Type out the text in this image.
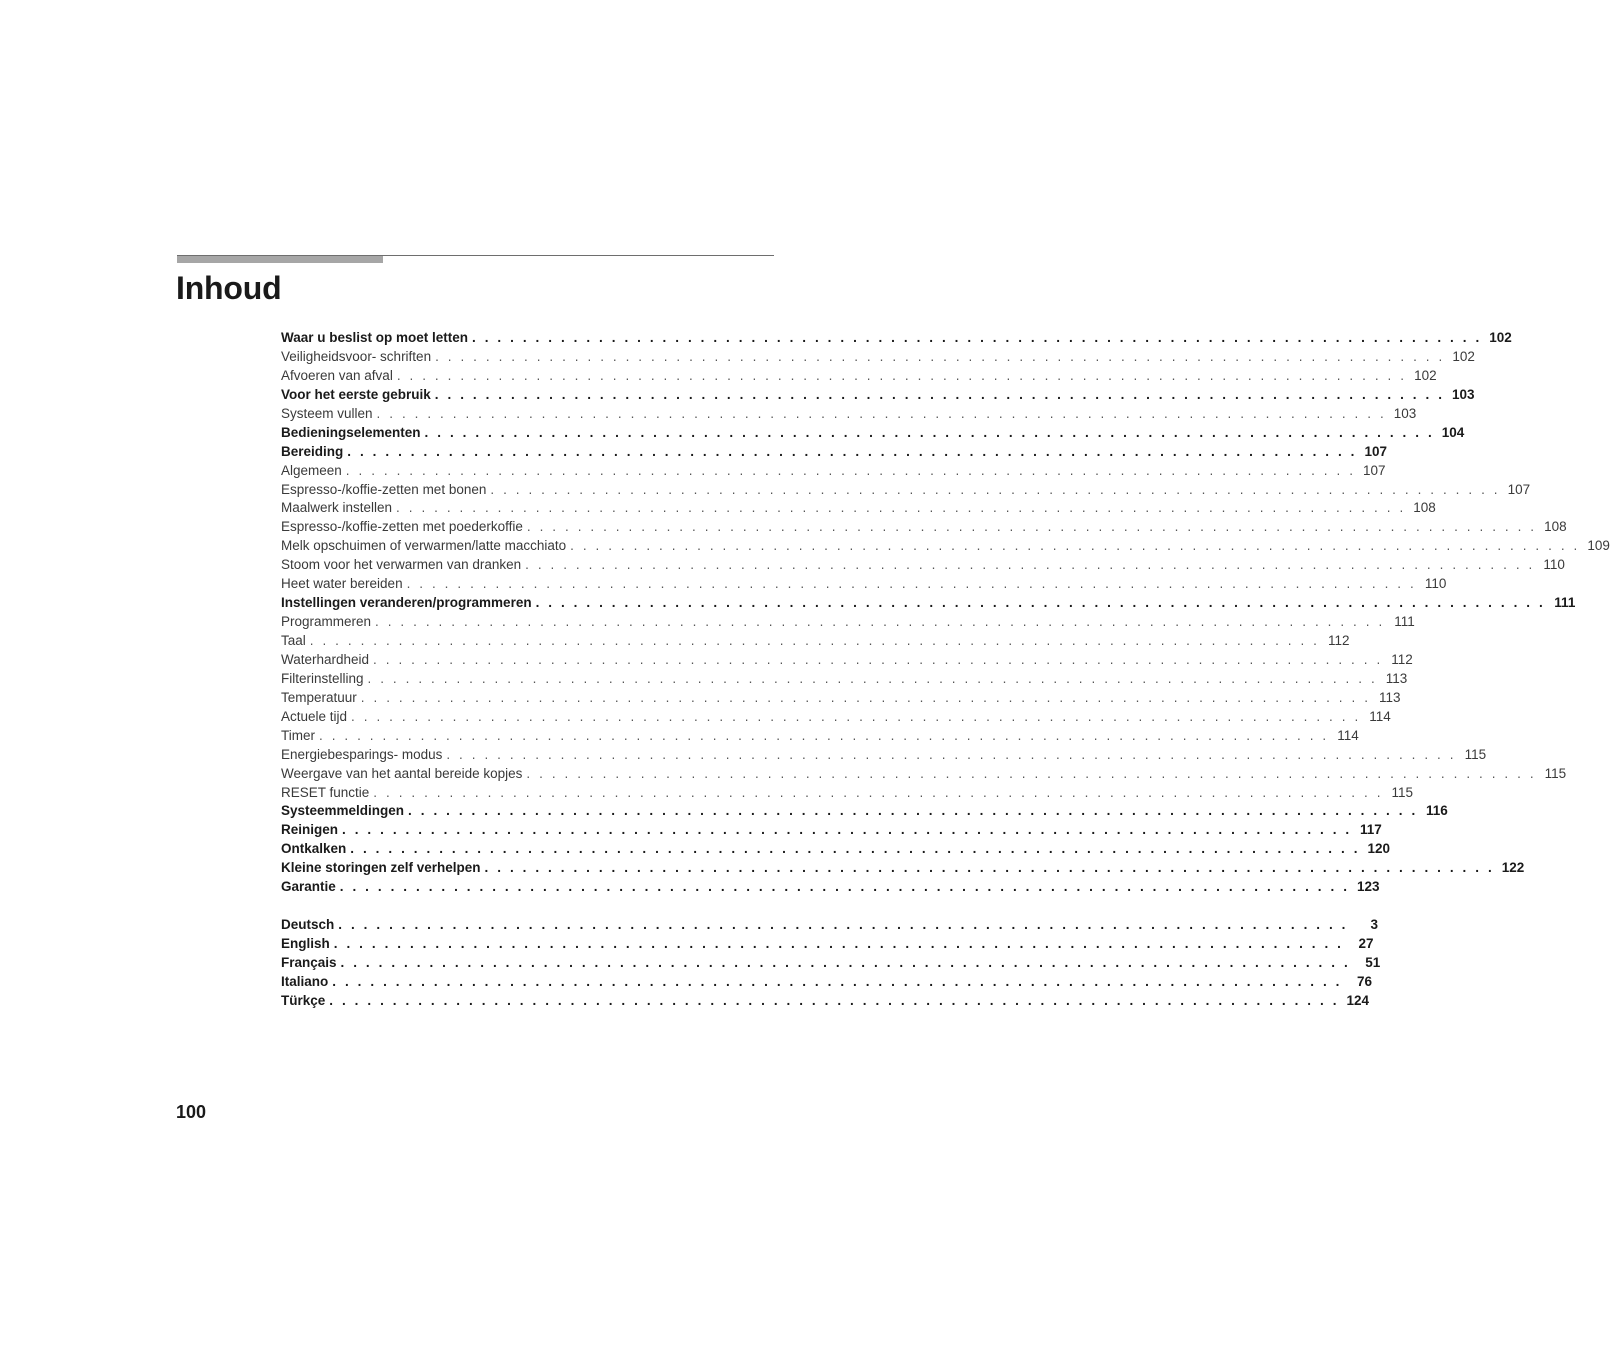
Inhoud
Waar u beslist op moet letten . . . . . . . . . . . . . . . . . . . . . . . . . . . . . . . . . . . . . . . . . . . . . . . . . . . . . . . . . . . . . . . . . . . . . . . . . . . . . . . . 102
Veiligheidsvoor- schriften . . . . . . . . . . . . . . . . . . . . . . . . . . . . . . . . . . . . . . . . . . . . . . . . . . . . . . . . . . . . . . . . . . . . . . . . . . . . . . . . 102
Afvoeren van afval . . . . . . . . . . . . . . . . . . . . . . . . . . . . . . . . . . . . . . . . . . . . . . . . . . . . . . . . . . . . . . . . . . . . . . . . . . . . . . . . 102
Voor het eerste gebruik . . . . . . . . . . . . . . . . . . . . . . . . . . . . . . . . . . . . . . . . . . . . . . . . . . . . . . . . . . . . . . . . . . . . . . . . . . . . . . . . 103
Systeem vullen . . . . . . . . . . . . . . . . . . . . . . . . . . . . . . . . . . . . . . . . . . . . . . . . . . . . . . . . . . . . . . . . . . . . . . . . . . . . . . . . 103
Bedieningselementen . . . . . . . . . . . . . . . . . . . . . . . . . . . . . . . . . . . . . . . . . . . . . . . . . . . . . . . . . . . . . . . . . . . . . . . . . . . . . . . . 104
Bereiding . . . . . . . . . . . . . . . . . . . . . . . . . . . . . . . . . . . . . . . . . . . . . . . . . . . . . . . . . . . . . . . . . . . . . . . . . . . . . . . . 107
Algemeen . . . . . . . . . . . . . . . . . . . . . . . . . . . . . . . . . . . . . . . . . . . . . . . . . . . . . . . . . . . . . . . . . . . . . . . . . . . . . . . . 107
Espresso-/koffie-zetten met bonen . . . . . . . . . . . . . . . . . . . . . . . . . . . . . . . . . . . . . . . . . . . . . . . . . . . . . . . . . . . . . . . . . . . . . . . . . . . . . . . . 107
Maalwerk instellen . . . . . . . . . . . . . . . . . . . . . . . . . . . . . . . . . . . . . . . . . . . . . . . . . . . . . . . . . . . . . . . . . . . . . . . . . . . . . . . . 108
Espresso-/koffie-zetten met poederkoffie . . . . . . . . . . . . . . . . . . . . . . . . . . . . . . . . . . . . . . . . . . . . . . . . . . . . . . . . . . . . . . . . . . . . . . . . . . . . . . . . 108
Melk opschuimen of verwarmen/latte macchiato . . . . . . . . . . . . . . . . . . . . . . . . . . . . . . . . . . . . . . . . . . . . . . . . . . . . . . . . . . . . . . . . . . . . . . . . . . . . . . . . 109
Stoom voor het verwarmen van dranken . . . . . . . . . . . . . . . . . . . . . . . . . . . . . . . . . . . . . . . . . . . . . . . . . . . . . . . . . . . . . . . . . . . . . . . . . . . . . . . . 110
Heet water bereiden . . . . . . . . . . . . . . . . . . . . . . . . . . . . . . . . . . . . . . . . . . . . . . . . . . . . . . . . . . . . . . . . . . . . . . . . . . . . . . . . 110
Instellingen veranderen/programmeren . . . . . . . . . . . . . . . . . . . . . . . . . . . . . . . . . . . . . . . . . . . . . . . . . . . . . . . . . . . . . . . . . . . . . . . . . . . . . . . . 111
Programmeren . . . . . . . . . . . . . . . . . . . . . . . . . . . . . . . . . . . . . . . . . . . . . . . . . . . . . . . . . . . . . . . . . . . . . . . . . . . . . . . . 111
Taal . . . . . . . . . . . . . . . . . . . . . . . . . . . . . . . . . . . . . . . . . . . . . . . . . . . . . . . . . . . . . . . . . . . . . . . . . . . . . . . . 112
Waterhardheid . . . . . . . . . . . . . . . . . . . . . . . . . . . . . . . . . . . . . . . . . . . . . . . . . . . . . . . . . . . . . . . . . . . . . . . . . . . . . . . . 112
Filterinstelling . . . . . . . . . . . . . . . . . . . . . . . . . . . . . . . . . . . . . . . . . . . . . . . . . . . . . . . . . . . . . . . . . . . . . . . . . . . . . . . . 113
Temperatuur . . . . . . . . . . . . . . . . . . . . . . . . . . . . . . . . . . . . . . . . . . . . . . . . . . . . . . . . . . . . . . . . . . . . . . . . . . . . . . . . 113
Actuele tijd . . . . . . . . . . . . . . . . . . . . . . . . . . . . . . . . . . . . . . . . . . . . . . . . . . . . . . . . . . . . . . . . . . . . . . . . . . . . . . . . 114
Timer . . . . . . . . . . . . . . . . . . . . . . . . . . . . . . . . . . . . . . . . . . . . . . . . . . . . . . . . . . . . . . . . . . . . . . . . . . . . . . . . 114
Energiebesparings- modus . . . . . . . . . . . . . . . . . . . . . . . . . . . . . . . . . . . . . . . . . . . . . . . . . . . . . . . . . . . . . . . . . . . . . . . . . . . . . . . . 115
Weergave van het aantal bereide kopjes . . . . . . . . . . . . . . . . . . . . . . . . . . . . . . . . . . . . . . . . . . . . . . . . . . . . . . . . . . . . . . . . . . . . . . . . . . . . . . . . 115
RESET functie . . . . . . . . . . . . . . . . . . . . . . . . . . . . . . . . . . . . . . . . . . . . . . . . . . . . . . . . . . . . . . . . . . . . . . . . . . . . . . . . 115
Systeemmeldingen . . . . . . . . . . . . . . . . . . . . . . . . . . . . . . . . . . . . . . . . . . . . . . . . . . . . . . . . . . . . . . . . . . . . . . . . . . . . . . . . 116
Reinigen . . . . . . . . . . . . . . . . . . . . . . . . . . . . . . . . . . . . . . . . . . . . . . . . . . . . . . . . . . . . . . . . . . . . . . . . . . . . . . . . 117
Ontkalken . . . . . . . . . . . . . . . . . . . . . . . . . . . . . . . . . . . . . . . . . . . . . . . . . . . . . . . . . . . . . . . . . . . . . . . . . . . . . . . . 120
Kleine storingen zelf verhelpen . . . . . . . . . . . . . . . . . . . . . . . . . . . . . . . . . . . . . . . . . . . . . . . . . . . . . . . . . . . . . . . . . . . . . . . . . . . . . . . . 122
Garantie . . . . . . . . . . . . . . . . . . . . . . . . . . . . . . . . . . . . . . . . . . . . . . . . . . . . . . . . . . . . . . . . . . . . . . . . . . . . . . . . 123
Deutsch . . . . . . . . . . . . . . . . . . . . . . . . . . . . . . . . . . . . . . . . . . . . . . . . . . . . . . . . . . . . . . . . . . . . . . . . . . . . . . . .	3
English . . . . . . . . . . . . . . . . . . . . . . . . . . . . . . . . . . . . . . . . . . . . . . . . . . . . . . . . . . . . . . . . . . . . . . . . . . . . . . . .	27
Français . . . . . . . . . . . . . . . . . . . . . . . . . . . . . . . . . . . . . . . . . . . . . . . . . . . . . . . . . . . . . . . . . . . . . . . . . . . . . . . .	51
Italiano . . . . . . . . . . . . . . . . . . . . . . . . . . . . . . . . . . . . . . . . . . . . . . . . . . . . . . . . . . . . . . . . . . . . . . . . . . . . . . . .	76
Türkçe . . . . . . . . . . . . . . . . . . . . . . . . . . . . . . . . . . . . . . . . . . . . . . . . . . . . . . . . . . . . . . . . . . . . . . . . . . . . . . . . 124
100
